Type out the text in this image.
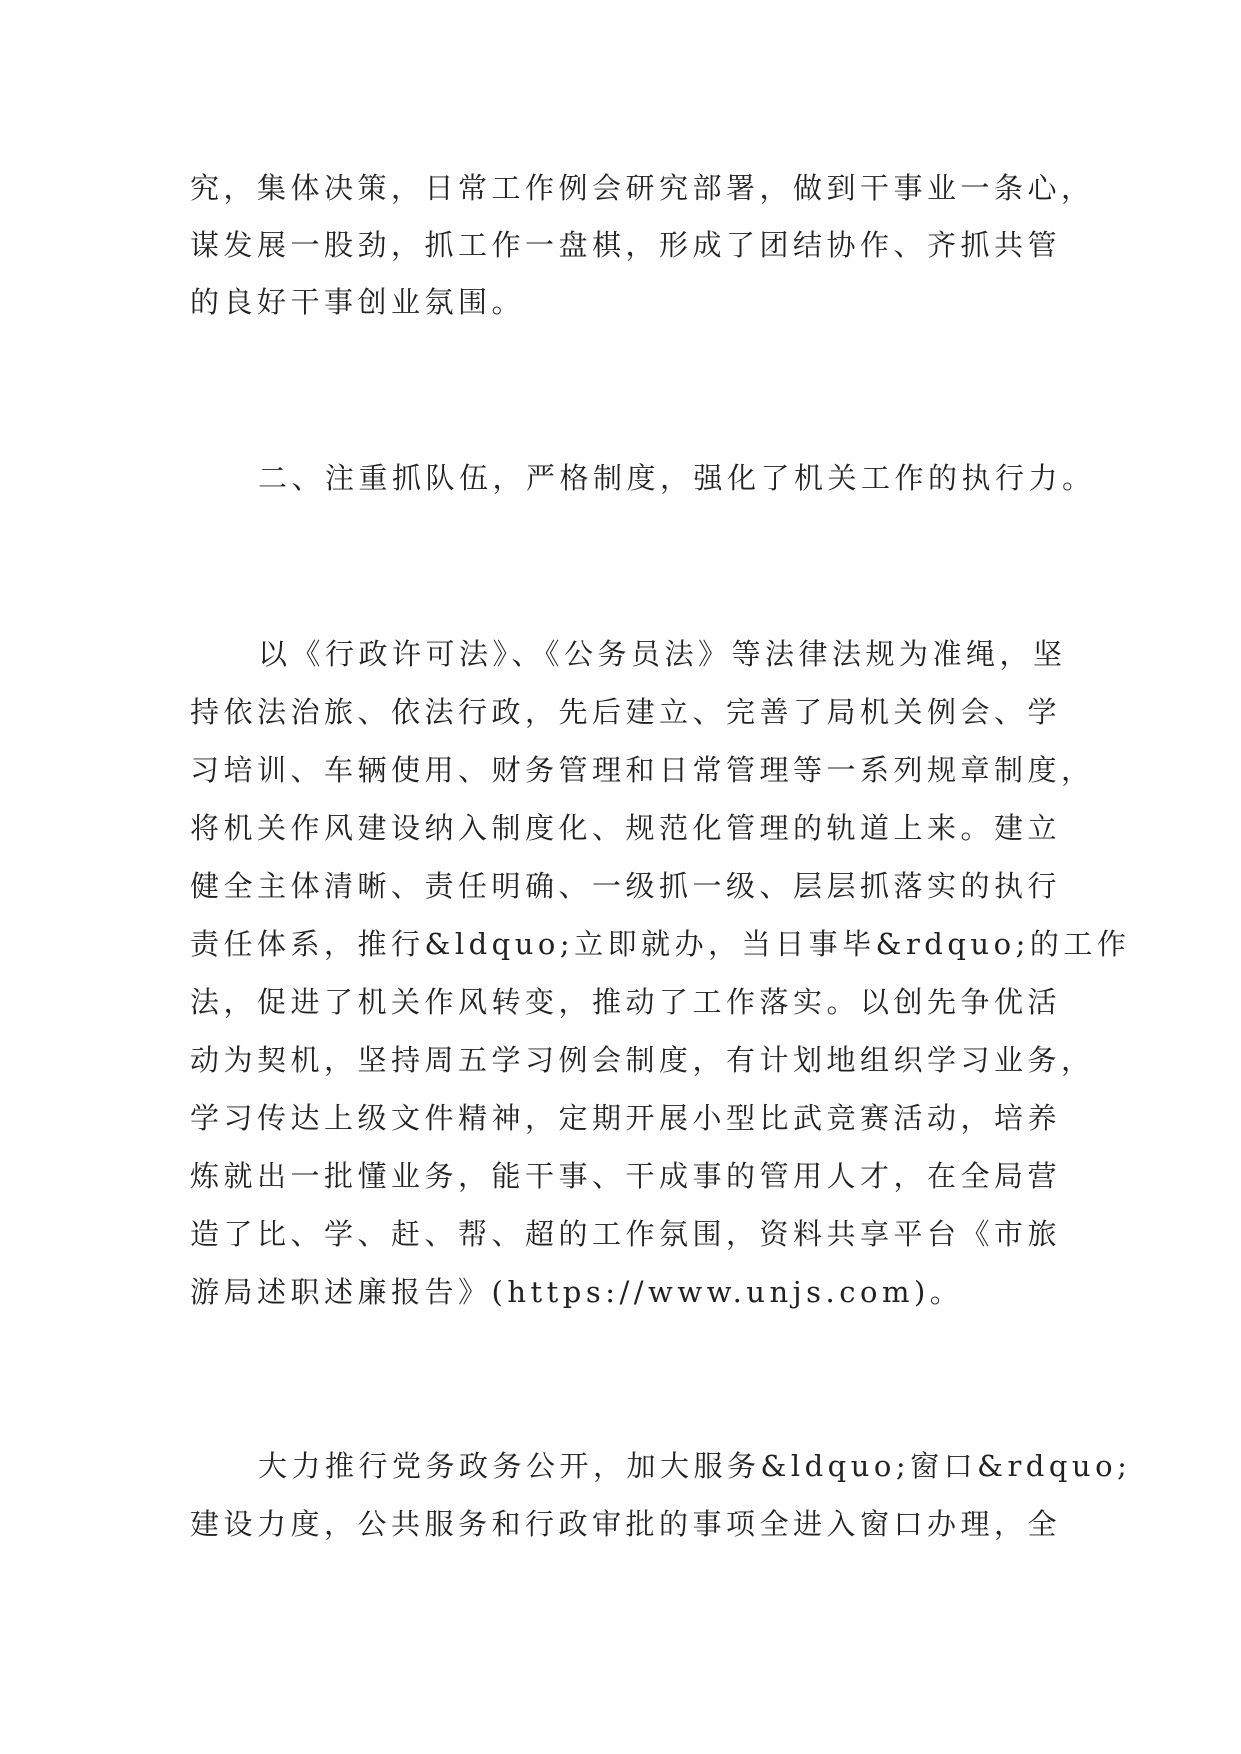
究，集体决策，日常工作例会研究部署，做到干事业一条心，
谋发展一股劲，抓工作一盘棋，形成了团结协作、齐抓共管
的良好干事创业氛围。
二、注重抓队伍，严格制度，强化了机关工作的执行力。
以《行政许可法》、《公务员法》等法律法规为准绳，坚
持依法治旅、依法行政，先后建立、完善了局机关例会、学
习培训、车辆使用、财务管理和日常管理等一系列规章制度，
将机关作风建设纳入制度化、规范化管理的轨道上来。建立
健全主体清晰、责任明确、一级抓一级、层层抓落实的执行
责任体系，推行&ldquo;立即就办，当日事毕&rdquo;的工作
法，促进了机关作风转变，推动了工作落实。以创先争优活
动为契机，坚持周五学习例会制度，有计划地组织学习业务，
学习传达上级文件精神，定期开展小型比武竞赛活动，培养
炼就出一批懂业务，能干事、干成事的管用人才，在全局营
造了比、学、赶、帮、超的工作氛围，资料共享平台《市旅
游局述职述廉报告》(https://www.unjs.com)。
大力推行党务政务公开，加大服务&ldquo;窗口&rdquo;
建设力度，公共服务和行政审批的事项全进入窗口办理，全
